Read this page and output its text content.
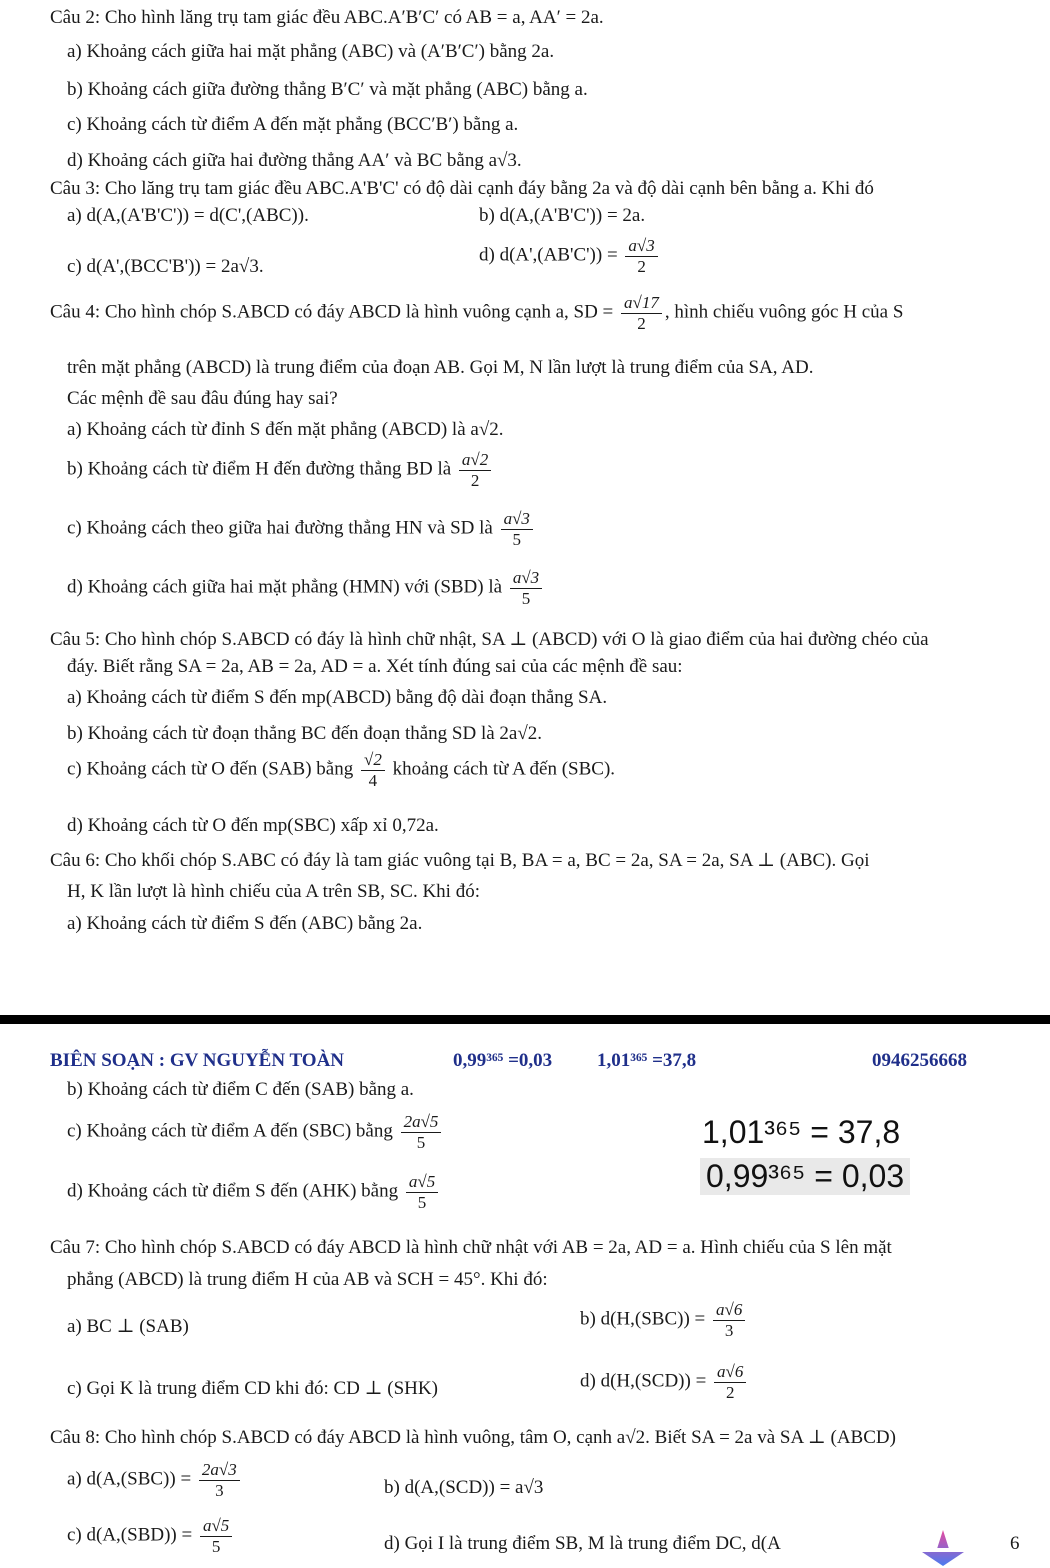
Câu 2: Cho hình lăng trụ tam giác đều ABC.A′B′C′ có AB = a, AA′ = 2a.
a) Khoảng cách giữa hai mặt phẳng (ABC) và (A′B′C′) bằng 2a.
b) Khoảng cách giữa đường thẳng B′C′ và mặt phẳng (ABC) bằng a.
c) Khoảng cách từ điểm A đến mặt phẳng (BCC′B′) bằng a.
d) Khoảng cách giữa hai đường thẳng AA′ và BC bằng a√3.
Câu 3: Cho lăng trụ tam giác đều ABC.A'B'C' có độ dài cạnh đáy bằng 2a và độ dài cạnh bên bằng a. Khi đó
a) d(A,(A'B'C')) = d(C',(ABC)).	b) d(A,(A'B'C')) = 2a.
c) d(A',(BCC'B')) = 2a√3.
d) $d(A',(AB'C')) = \frac{a√3}{2}$
Câu 4: Cho hình chóp S.ABCD có đáy ABCD là hình vuông cạnh a, SD = $\frac{a√17}{2}$ , hình chiếu vuông góc H của S
trên mặt phẳng (ABCD) là trung điểm của đoạn AB. Gọi M, N lần lượt là trung điểm của SA, AD.
Các mệnh đề sau đâu đúng hay sai?
a) Khoảng cách từ đỉnh S đến mặt phẳng (ABCD) là a√2.
b) Khoảng cách từ điểm H đến đường thẳng BD là $\frac{a√2}{2}$
c) Khoảng cách theo giữa hai đường thẳng HN và SD là $\frac{a√3}{5}$
d) Khoảng cách giữa hai mặt phẳng (HMN) với (SBD) là $\frac{a√3}{5}$
Câu 5: Cho hình chóp S.ABCD có đáy là hình chữ nhật, SA ⊥ (ABCD) với O là giao điểm của hai đường chéo của
đáy. Biết rằng SA = 2a, AB = 2a, AD = a. Xét tính đúng sai của các mệnh đề sau:
a) Khoảng cách từ điểm S đến mp(ABCD) bằng độ dài đoạn thẳng SA.
b) Khoảng cách từ đoạn thẳng BC đến đoạn thẳng SD là 2a√2.
c) Khoảng cách từ O đến (SAB) bằng $\frac{√2}{4}$ khoảng cách từ A đến (SBC).
d) Khoảng cách từ O đến mp(SBC) xấp xỉ 0,72a.
Câu 6: Cho khối chóp S.ABC có đáy là tam giác vuông tại B, BA = a, BC = 2a, SA = 2a, SA ⊥ (ABC). Gọi
H, K lần lượt là hình chiếu của A trên SB, SC. Khi đó:
a) Khoảng cách từ điểm S đến (ABC) bằng 2a.
BIÊN SOẠN : GV NGUYỄN TOÀN	0,99³⁶⁵ =0,03 1,01³⁶⁵ =37,8	0946256668
b) Khoảng cách từ điểm C đến (SAB) bằng a.
c) Khoảng cách từ điểm A đến (SBC) bằng $\frac{2a√5}{5}$
d) Khoảng cách từ điểm S đến (AHK) bằng $\frac{a√5}{5}$
1,01³⁶⁵ = 37,8
0,99³⁶⁵ = 0,03
Câu 7: Cho hình chóp S.ABCD có đáy ABCD là hình chữ nhật với AB = 2a, AD = a. Hình chiếu của S lên mặt
phẳng (ABCD) là trung điểm H của AB và SCH = 45°. Khi đó:
a) BC ⊥ (SAB)	b) $d(H,(SBC)) = \frac{a√6}{3}$
c) Gọi K là trung điểm CD khi đó: CD ⊥ (SHK)	d) $d(H,(SCD)) = \frac{a√6}{2}$
Câu 8: Cho hình chóp S.ABCD có đáy ABCD là hình vuông, tâm O, cạnh a√2. Biết SA = 2a và SA ⊥ (ABCD)
a) $d(A,(SBC)) = \frac{2a√3}{3}$	b) d(A,(SCD)) = a√3
c) $d(A,(SBD)) = \frac{a√5}{5}$	d) Gọi I là trung điểm SB, M là trung điểm DC, d(A	6
